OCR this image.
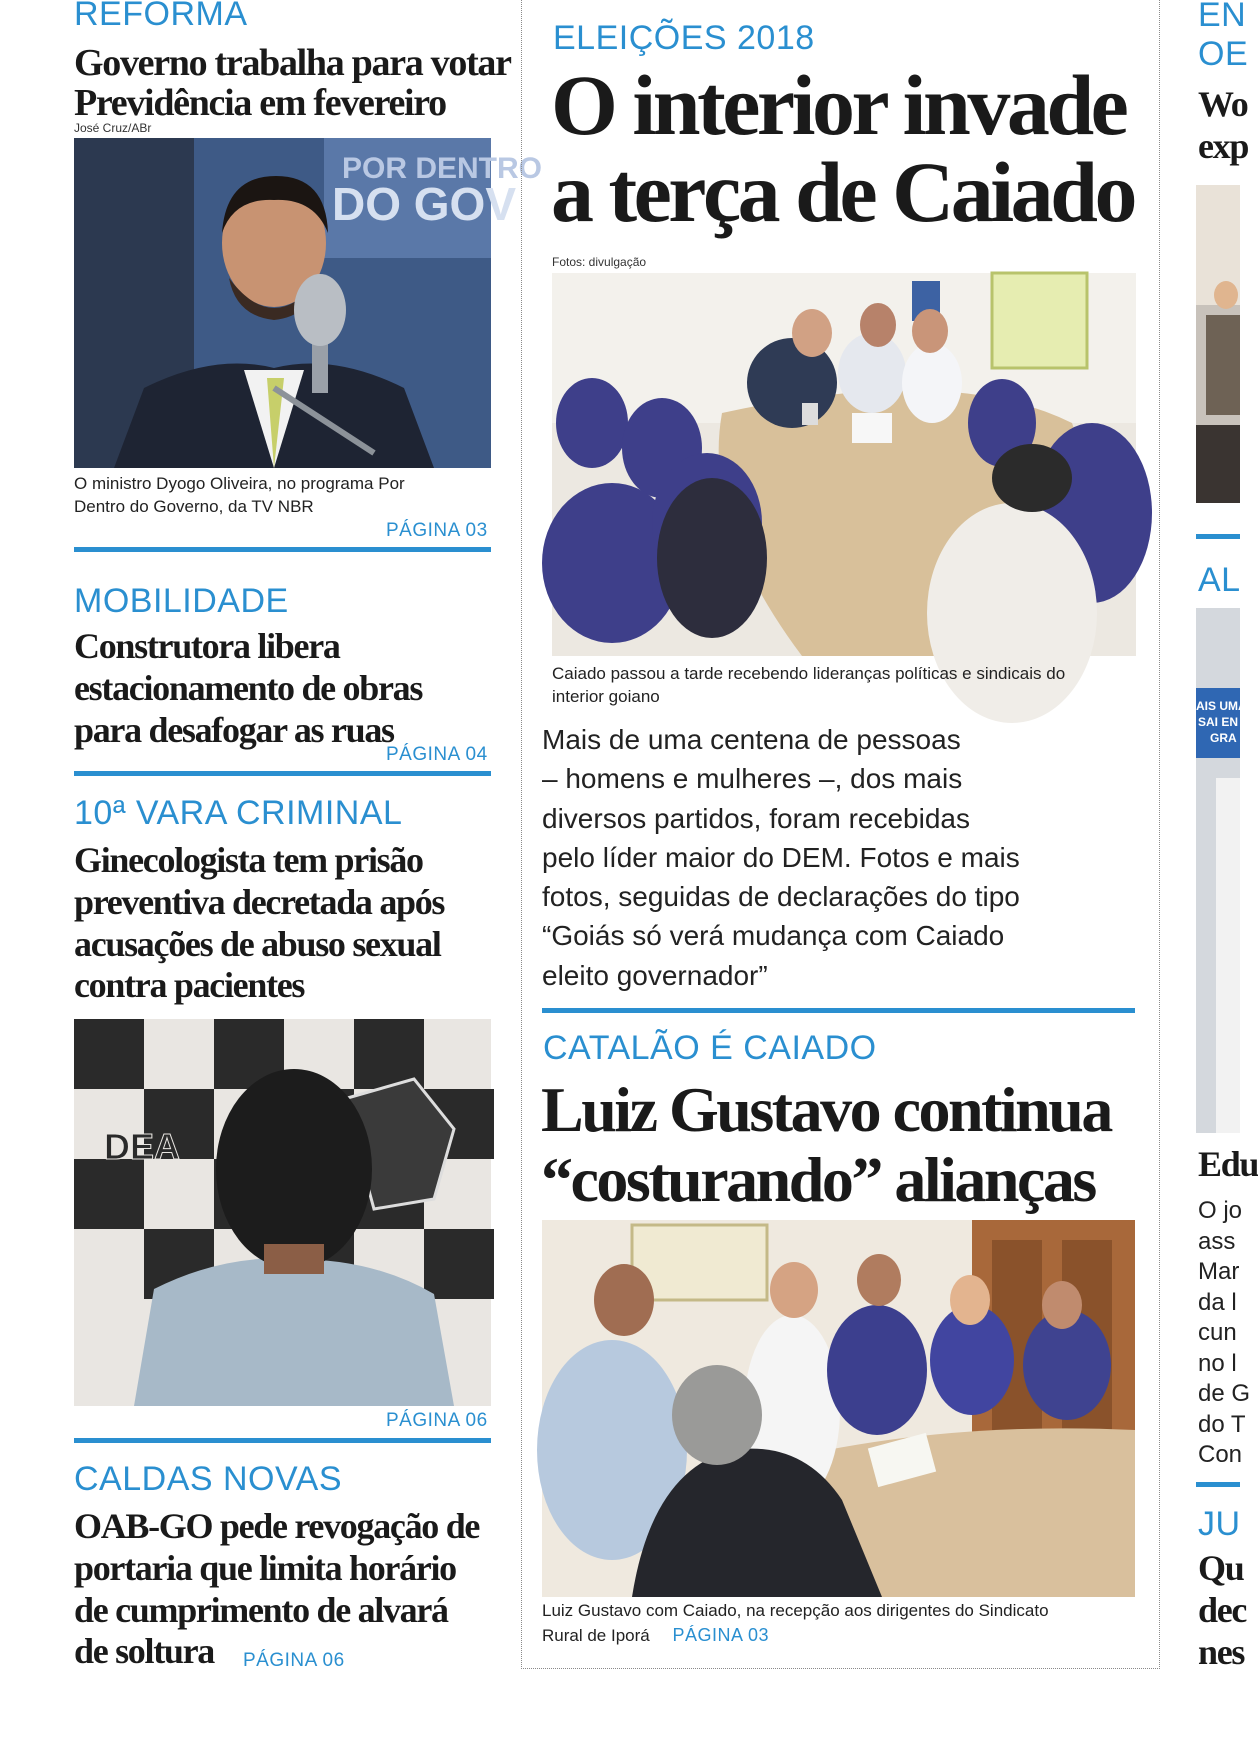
REFORMA
Governo trabalha para votar
Previdência em fevereiro
José Cruz/ABr
POR DENTRO
DO GOV
O ministro Dyogo Oliveira, no programa Por
Dentro do Governo, da TV NBR
PÁGINA 03
MOBILIDADE
Construtora libera
estacionamento de obras
para desafogar as ruas
PÁGINA 04
10ª VARA CRIMINAL
Ginecologista tem prisão
preventiva decretada após
acusações de abuso sexual
contra pacientes
DEA
PÁGINA 06
CALDAS NOVAS
OAB-GO pede revogação de
portaria que limita horário
de cumprimento de alvará
de soltura	PÁGINA 06
ELEIÇÕES 2018
O interior invade
a terça de Caiado
Fotos: divulgação
Caiado passou a tarde recebendo lideranças políticas e sindicais do
interior goiano
Mais de uma centena de pessoas
– homens e mulheres –, dos mais
diversos partidos, foram recebidas
pelo líder maior do DEM. Fotos e mais
fotos, seguidas de declarações do tipo
“Goiás só verá mudança com Caiado
eleito governador”
CATALÃO É CAIADO
Luiz Gustavo continua
“costurando” alianças
Luiz Gustavo com Caiado, na recepção aos dirigentes do Sindicato
Rural de Iporá PÁGINA 03
EN
OE
Wo
exp
AL
AIS UMA
SAI EN
GRA
Edu
O jo
ass
Mar
da l
cun
no l
de G
do T
Con
JU
Qu
dec
nes
